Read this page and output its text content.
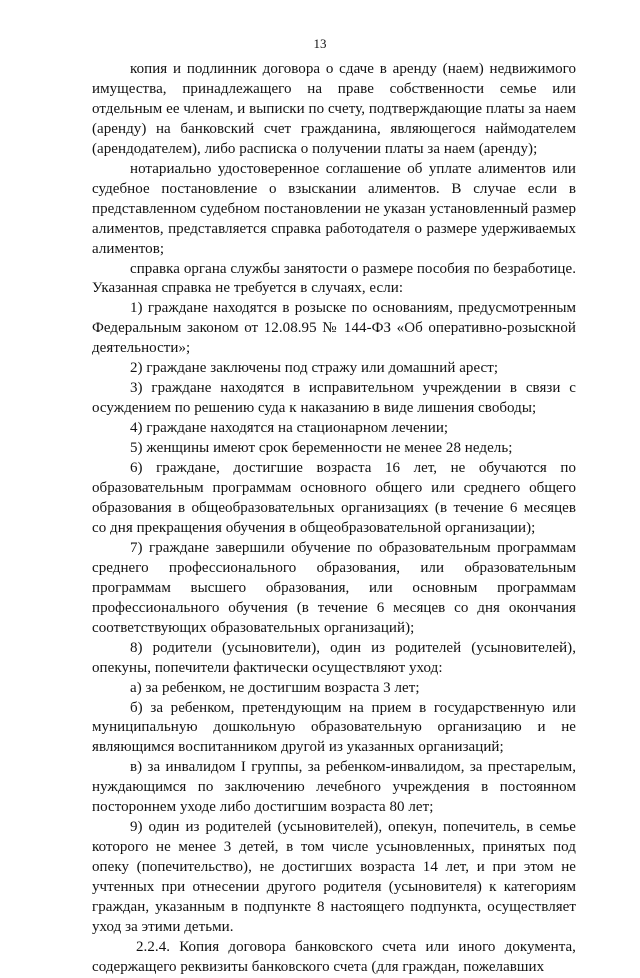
13

копия и подлинник договора о сдаче в аренду (наем) недвижимого имущества, принадлежащего на праве собственности семье или отдельным ее членам, и выписки по счету, подтверждающие платы за наем (аренду) на банковский счет гражданина, являющегося наймодателем (арендодателем), либо расписка о получении платы за наем (аренду);

нотариально удостоверенное соглашение об уплате алиментов или судебное постановление о взыскании алиментов. В случае если в представленном судебном постановлении не указан установленный размер алиментов, представляется справка работодателя о размере удерживаемых алиментов;

справка органа службы занятости о размере пособия по безработице. Указанная справка не требуется в случаях, если:

1) граждане находятся в розыске по основаниям, предусмотренным Федеральным законом от 12.08.95 № 144-ФЗ «Об оперативно-розыскной деятельности»;

2) граждане заключены под стражу или домашний арест;

3) граждане находятся в исправительном учреждении в связи с осуждением по решению суда к наказанию в виде лишения свободы;

4) граждане находятся на стационарном лечении;

5) женщины имеют срок беременности не менее 28 недель;

6) граждане, достигшие возраста 16 лет, не обучаются по образовательным программам основного общего или среднего общего образования в общеобразовательных организациях (в течение 6 месяцев со дня прекращения обучения в общеобразовательной организации);

7) граждане завершили обучение по образовательным программам среднего профессионального образования, или образовательным программам высшего образования, или основным программам профессионального обучения (в течение 6 месяцев со дня окончания соответствующих образовательных организаций);

8) родители (усыновители), один из родителей (усыновителей), опекуны, попечители фактически осуществляют уход:

а) за ребенком, не достигшим возраста 3 лет;

б) за ребенком, претендующим на прием в государственную или муниципальную дошкольную образовательную организацию и не являющимся воспитанником другой из указанных организаций;

в) за инвалидом I группы, за ребенком-инвалидом, за престарелым, нуждающимся по заключению лечебного учреждения в постоянном постороннем уходе либо достигшим возраста 80 лет;

9) один из родителей (усыновителей), опекун, попечитель, в семье которого не менее 3 детей, в том числе усыновленных, принятых под опеку (попечительство), не достигших возраста 14 лет, и при этом не учтенных при отнесении другого родителя (усыновителя) к категориям граждан, указанным в подпункте 8 настоящего подпункта, осуществляет уход за этими детьми.

2.2.4. Копия договора банковского счета или иного документа, содержащего реквизиты банковского счета (для граждан, пожелавших
